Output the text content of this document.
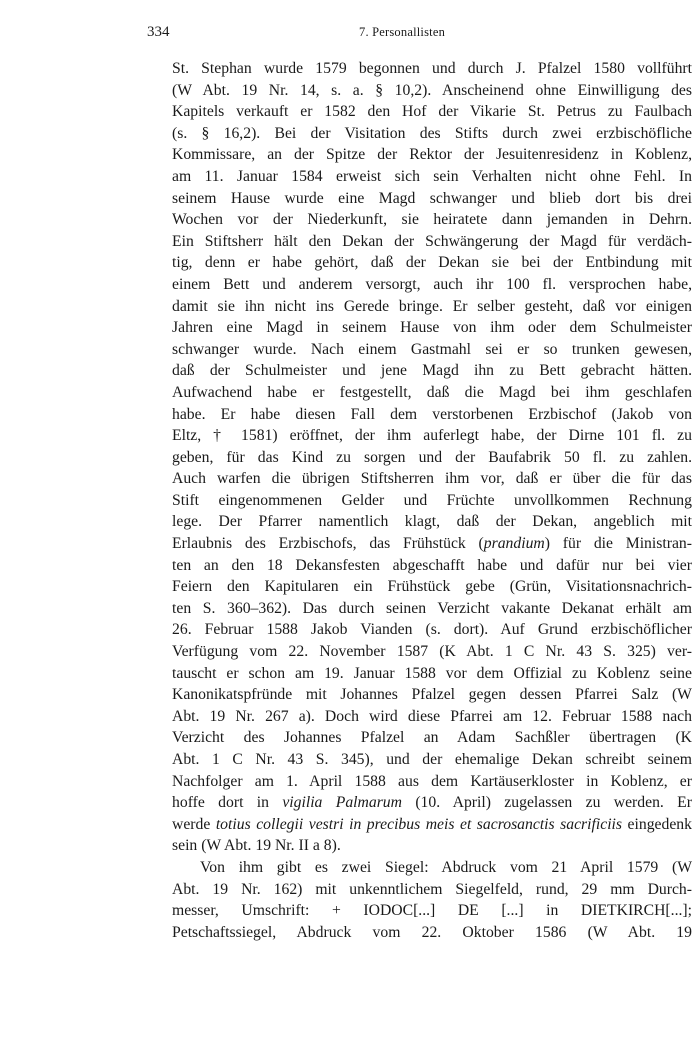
334	7. Personallisten
St. Stephan wurde 1579 begonnen und durch J. Pfalzel 1580 vollführt
(W Abt. 19 Nr. 14, s. a. § 10,2). Anscheinend ohne Einwilligung des
Kapitels verkauft er 1582 den Hof der Vikarie St. Petrus zu Faulbach
(s. § 16,2). Bei der Visitation des Stifts durch zwei erzbischöfliche
Kommissare, an der Spitze der Rektor der Jesuitenresidenz in Koblenz,
am 11. Januar 1584 erweist sich sein Verhalten nicht ohne Fehl. In
seinem Hause wurde eine Magd schwanger und blieb dort bis drei
Wochen vor der Niederkunft, sie heiratete dann jemanden in Dehrn.
Ein Stiftsherr hält den Dekan der Schwängerung der Magd für verdäch-
tig, denn er habe gehört, daß der Dekan sie bei der Entbindung mit
einem Bett und anderem versorgt, auch ihr 100 fl. versprochen habe,
damit sie ihn nicht ins Gerede bringe. Er selber gesteht, daß vor einigen
Jahren eine Magd in seinem Hause von ihm oder dem Schulmeister
schwanger wurde. Nach einem Gastmahl sei er so trunken gewesen,
daß der Schulmeister und jene Magd ihn zu Bett gebracht hätten.
Aufwachend habe er festgestellt, daß die Magd bei ihm geschlafen
habe. Er habe diesen Fall dem verstorbenen Erzbischof (Jakob von
Eltz, † 1581) eröffnet, der ihm auferlegt habe, der Dirne 101 fl. zu
geben, für das Kind zu sorgen und der Baufabrik 50 fl. zu zahlen.
Auch warfen die übrigen Stiftsherren ihm vor, daß er über die für das
Stift eingenommenen Gelder und Früchte unvollkommen Rechnung
lege. Der Pfarrer namentlich klagt, daß der Dekan, angeblich mit
Erlaubnis des Erzbischofs, das Frühstück (prandium) für die Ministran-
ten an den 18 Dekansfesten abgeschafft habe und dafür nur bei vier
Feiern den Kapitularen ein Frühstück gebe (Grün, Visitationsnachrich-
ten S. 360–362). Das durch seinen Verzicht vakante Dekanat erhält am
26. Februar 1588 Jakob Vianden (s. dort). Auf Grund erzbischöflicher
Verfügung vom 22. November 1587 (K Abt. 1 C Nr. 43 S. 325) ver-
tauscht er schon am 19. Januar 1588 vor dem Offizial zu Koblenz seine
Kanonikatspfründe mit Johannes Pfalzel gegen dessen Pfarrei Salz (W
Abt. 19 Nr. 267 a). Doch wird diese Pfarrei am 12. Februar 1588 nach
Verzicht des Johannes Pfalzel an Adam Sachßler übertragen (K
Abt. 1 C Nr. 43 S. 345), und der ehemalige Dekan schreibt seinem
Nachfolger am 1. April 1588 aus dem Kartäuserkloster in Koblenz, er
hoffe dort in vigilia Palmarum (10. April) zugelassen zu werden. Er
werde totius collegii vestri in precibus meis et sacrosanctis sacrificiis eingedenk
sein (W Abt. 19 Nr. II a 8).
Von ihm gibt es zwei Siegel: Abdruck vom 21 April 1579 (W
Abt. 19 Nr. 162) mit unkenntlichem Siegelfeld, rund, 29 mm Durch-
messer, Umschrift: + IODOC[...] DE [...] in DIETKIRCH[...];
Petschaftssiegel, Abdruck vom 22. Oktober 1586 (W Abt. 19
